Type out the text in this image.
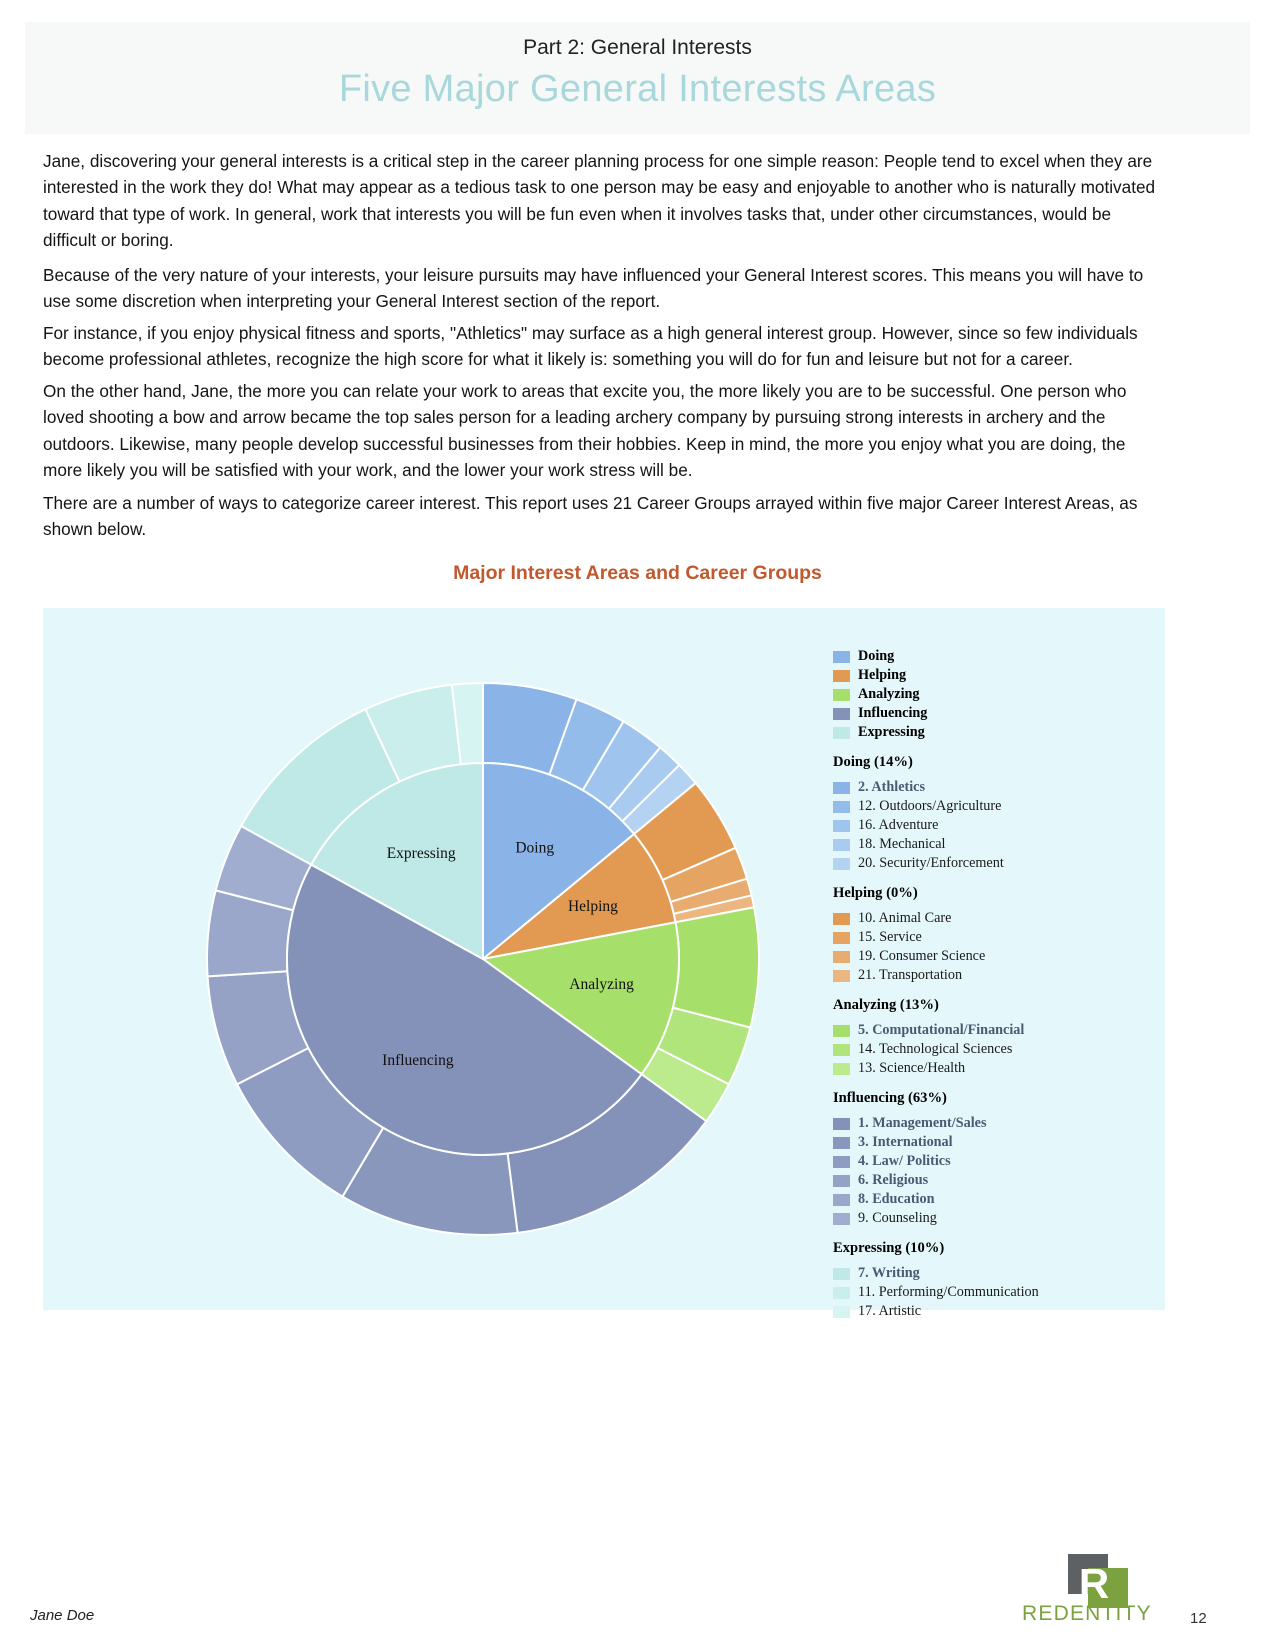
Part 2: General Interests
Five Major General Interests Areas
Jane, discovering your general interests is a critical step in the career planning process for one simple reason: People tend to excel when they are interested in the work they do! What may appear as a tedious task to one person may be easy and enjoyable to another who is naturally motivated toward that type of work. In general, work that interests you will be fun even when it involves tasks that, under other circumstances, would be difficult or boring.
Because of the very nature of your interests, your leisure pursuits may have influenced your General Interest scores. This means you will have to use some discretion when interpreting your General Interest section of the report.
For instance, if you enjoy physical fitness and sports, "Athletics" may surface as a high general interest group. However, since so few individuals become professional athletes, recognize the high score for what it likely is: something you will do for fun and leisure but not for a career.
On the other hand, Jane, the more you can relate your work to areas that excite you, the more likely you are to be successful. One person who loved shooting a bow and arrow became the top sales person for a leading archery company by pursuing strong interests in archery and the outdoors. Likewise, many people develop successful businesses from their hobbies. Keep in mind, the more you enjoy what you are doing, the more likely you will be satisfied with your work, and the lower your work stress will be.
There are a number of ways to categorize career interest. This report uses 21 Career Groups arrayed within five major Career Interest Areas, as shown below.
Major Interest Areas and Career Groups
Doing
Helping
Analyzing
Influencing
Expressing
Doing
Helping
Analyzing
Influencing
Expressing
Doing (14%)
2. Athletics
12. Outdoors/Agriculture
16. Adventure
18. Mechanical
20. Security/Enforcement
Helping (0%)
10. Animal Care
15. Service
19. Consumer Science
21. Transportation
Analyzing (13%)
5. Computational/Financial
14. Technological Sciences
13. Science/Health
Influencing (63%)
1. Management/Sales
3. International
4. Law/ Politics
6. Religious
8. Education
9. Counseling
Expressing (10%)
7. Writing
11. Performing/Communication
17. Artistic
Jane Doe	12
R
REDENTITY
